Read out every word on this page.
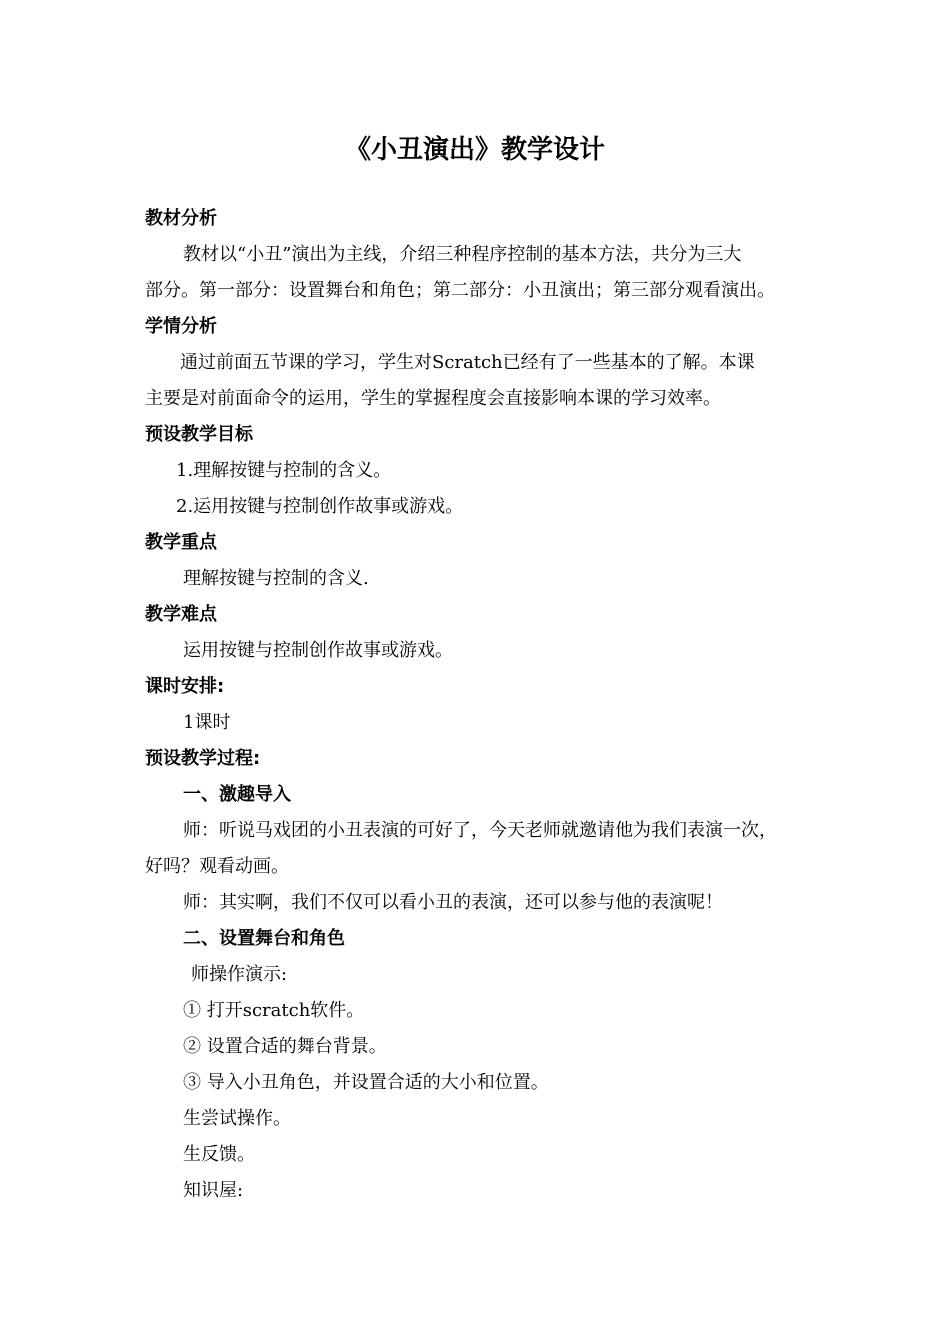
《小丑演出》教学设计
教材分析
教材以“小丑”演出为主线，介绍三种程序控制的基本方法，共分为三大
部分。第一部分：设置舞台和角色；第二部分：小丑演出；第三部分观看演出。
学情分析
通过前面五节课的学习，学生对Scratch已经有了一些基本的了解。本课
主要是对前面命令的运用，学生的掌握程度会直接影响本课的学习效率。
预设教学目标
1.理解按键与控制的含义。
2.运用按键与控制创作故事或游戏。
教学重点
理解按键与控制的含义.
教学难点
运用按键与控制创作故事或游戏。
课时安排:
1课时
预设教学过程:
一、激趣导入
师：听说马戏团的小丑表演的可好了，今天老师就邀请他为我们表演一次，
好吗？观看动画。
师：其实啊，我们不仅可以看小丑的表演，还可以参与他的表演呢！
二、设置舞台和角色
师操作演示:
① 打开scratch软件。
② 设置合适的舞台背景。
③ 导入小丑角色，并设置合适的大小和位置。
生尝试操作。
生反馈。
知识屋:
